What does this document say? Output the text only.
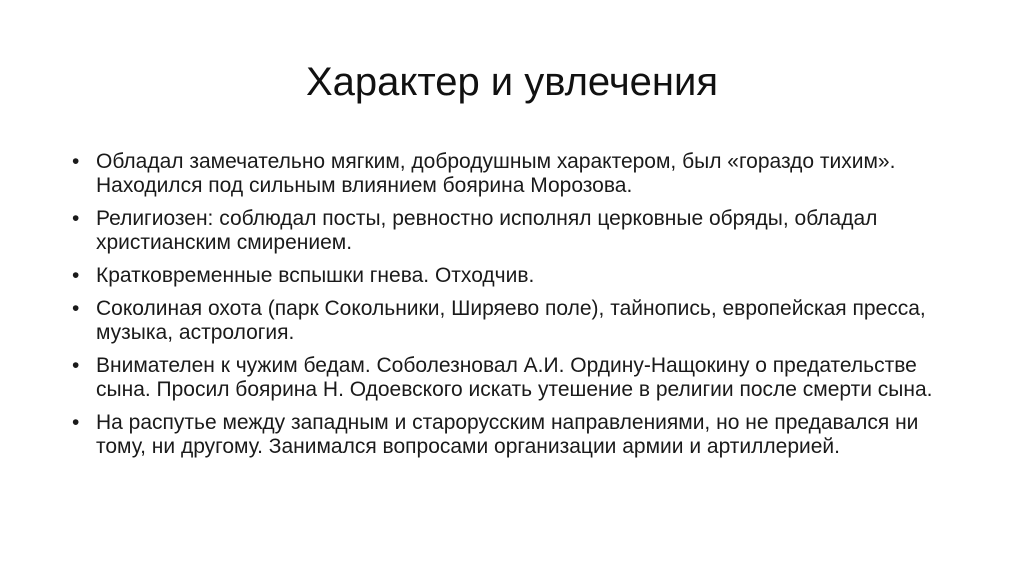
Характер и увлечения
• Обладал замечательно мягким, добродушным характером, был «гораздо тихим». Находился под сильным влиянием боярина Морозова.
• Религиозен: соблюдал посты, ревностно исполнял церковные обряды, обладал христианским смирением.
• Кратковременные вспышки гнева. Отходчив.
• Соколиная охота (парк Сокольники, Ширяево поле), тайнопись, европейская пресса, музыка, астрология.
• Внимателен к чужим бедам. Соболезновал А.И. Ордину-Нащокину о предательстве сына. Просил боярина Н. Одоевского искать утешение в религии после смерти сына.
• На распутье между западным и старорусским направлениями, но не предавался ни тому, ни другому. Занимался вопросами организации армии и артиллерией.
